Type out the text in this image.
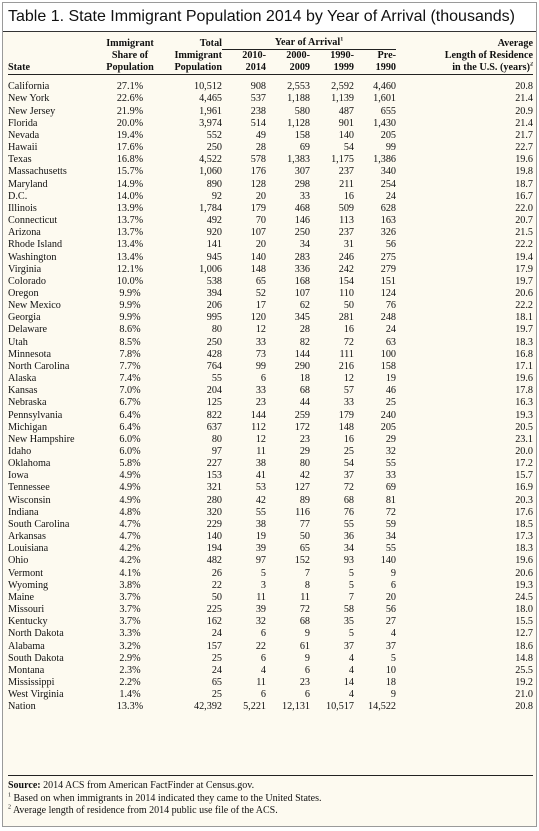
Table 1. State Immigrant Population 2014 by Year of Arrival (thousands)
	Immigrant	Total	Year of Arrival$^1$				Average
	Share of	Immigrant	2010-	2000-	1990-	Pre-	Length of Residence
State	Population	Population	2014	2009	1999	1990	in the U.S. (years)$^2$

California	27.1%	10,512	908	2,553	2,592	4,460	20.8
New York	22.6%	4,465	537	1,188	1,139	1,601	21.4
New Jersey	21.9%	1,961	238	580	487	655	20.9
Florida	20.0%	3,974	514	1,128	901	1,430	21.4
Nevada	19.4%	552	49	158	140	205	21.7
Hawaii	17.6%	250	28	69	54	99	22.7
Texas	16.8%	4,522	578	1,383	1,175	1,386	19.6
Massachusetts	15.7%	1,060	176	307	237	340	19.8
Maryland	14.9%	890	128	298	211	254	18.7
D.C.	14.0%	92	20	33	16	24	16.7
Illinois	13.9%	1,784	179	468	509	628	22.0
Connecticut	13.7%	492	70	146	113	163	20.7
Arizona	13.7%	920	107	250	237	326	21.5
Rhode Island	13.4%	141	20	34	31	56	22.2
Washington	13.4%	945	140	283	246	275	19.4
Virginia	12.1%	1,006	148	336	242	279	17.9
Colorado	10.0%	538	65	168	154	151	19.7
Oregon	9.9%	394	52	107	110	124	20.6
New Mexico	9.9%	206	17	62	50	76	22.2
Georgia	9.9%	995	120	345	281	248	18.1
Delaware	8.6%	80	12	28	16	24	19.7
Utah	8.5%	250	33	82	72	63	18.3
Minnesota	7.8%	428	73	144	111	100	16.8
North Carolina	7.7%	764	99	290	216	158	17.1
Alaska	7.4%	55	6	18	12	19	19.6
Kansas	7.0%	204	33	68	57	46	17.8
Nebraska	6.7%	125	23	44	33	25	16.3
Pennsylvania	6.4%	822	144	259	179	240	19.3
Michigan	6.4%	637	112	172	148	205	20.5
New Hampshire	6.0%	80	12	23	16	29	23.1
Idaho	6.0%	97	11	29	25	32	20.0
Oklahoma	5.8%	227	38	80	54	55	17.2
Iowa	4.9%	153	41	42	37	33	15.7
Tennessee	4.9%	321	53	127	72	69	16.9
Wisconsin	4.9%	280	42	89	68	81	20.3
Indiana	4.8%	320	55	116	76	72	17.6
South Carolina	4.7%	229	38	77	55	59	18.5
Arkansas	4.7%	140	19	50	36	34	17.3
Louisiana	4.2%	194	39	65	34	55	18.3
Ohio	4.2%	482	97	152	93	140	19.6
Vermont	4.1%	26	5	7	5	9	20.6
Wyoming	3.8%	22	3	8	5	6	19.3
Maine	3.7%	50	11	11	7	20	24.5
Missouri	3.7%	225	39	72	58	56	18.0
Kentucky	3.7%	162	32	68	35	27	15.5
North Dakota	3.3%	24	6	9	5	4	12.7
Alabama	3.2%	157	22	61	37	37	18.6
South Dakota	2.9%	25	6	9	4	5	14.8
Montana	2.3%	24	4	6	4	10	25.5
Mississippi	2.2%	65	11	23	14	18	19.2
West Virginia	1.4%	25	6	6	4	9	21.0
Nation	13.3%	42,392	5,221	12,131	10,517	14,522	20.8
Source: 2014 ACS from American FactFinder at Census.gov.
$^1$ Based on when immigrants in 2014 indicated they came to the United States.
$^2$ Average length of residence from 2014 public use file of the ACS.
